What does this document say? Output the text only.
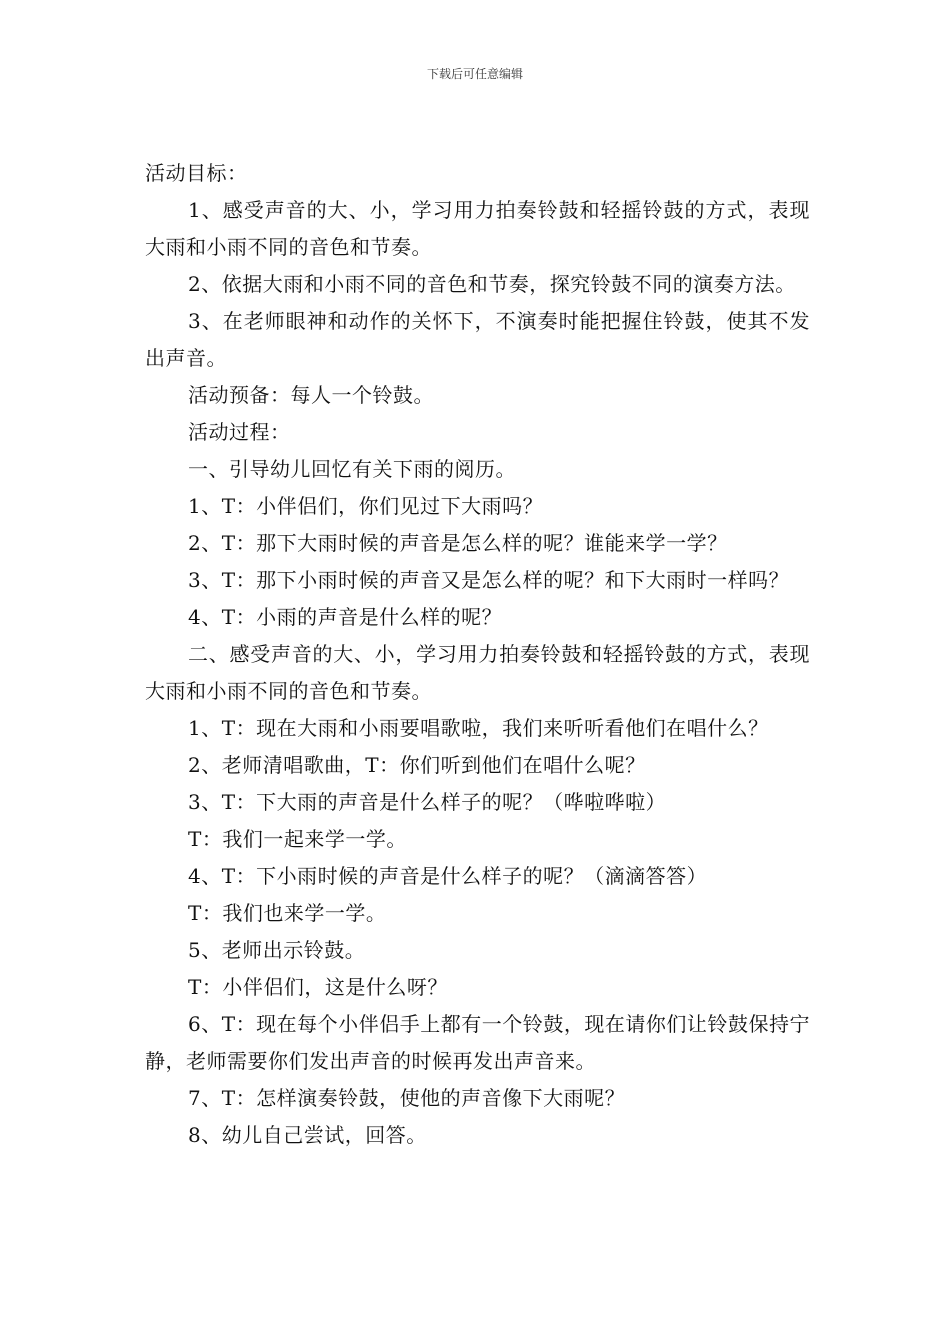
下载后可任意编辑

活动目标：

1、感受声音的大、小，学习用力拍奏铃鼓和轻摇铃鼓的方式，表现大雨和小雨不同的音色和节奏。

2、依据大雨和小雨不同的音色和节奏，探究铃鼓不同的演奏方法。

3、在老师眼神和动作的关怀下，不演奏时能把握住铃鼓，使其不发出声音。

活动预备：每人一个铃鼓。

活动过程：

一、引导幼儿回忆有关下雨的阅历。

1、T：小伴侣们，你们见过下大雨吗？

2、T：那下大雨时候的声音是怎么样的呢？谁能来学一学？

3、T：那下小雨时候的声音又是怎么样的呢？和下大雨时一样吗？

4、T：小雨的声音是什么样的呢？

二、感受声音的大、小，学习用力拍奏铃鼓和轻摇铃鼓的方式，表现大雨和小雨不同的音色和节奏。

1、T：现在大雨和小雨要唱歌啦，我们来听听看他们在唱什么？

2、老师清唱歌曲，T：你们听到他们在唱什么呢？

3、T：下大雨的声音是什么样子的呢？（哗啦哗啦）

T：我们一起来学一学。

4、T：下小雨时候的声音是什么样子的呢？（滴滴答答）

T：我们也来学一学。

5、老师出示铃鼓。

T：小伴侣们，这是什么呀？

6、T：现在每个小伴侣手上都有一个铃鼓，现在请你们让铃鼓保持宁静，老师需要你们发出声音的时候再发出声音来。

7、T：怎样演奏铃鼓，使他的声音像下大雨呢？

8、幼儿自己尝试，回答。
